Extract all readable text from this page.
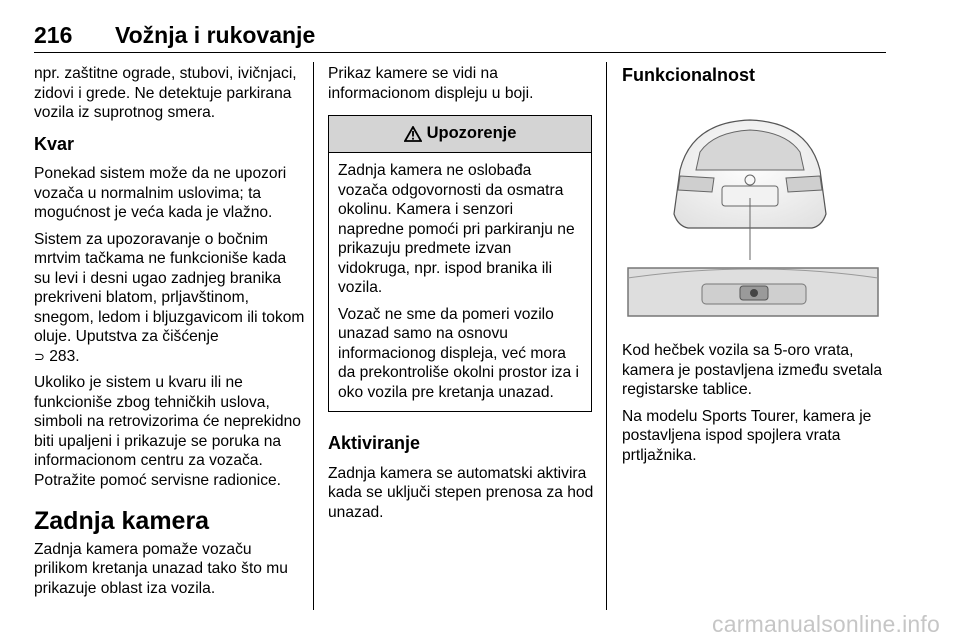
216 Vožnja i rukovanje

npr. zaštitne ograde, stubovi, ivičnjaci, zidovi i grede. Ne detektuje parkirana vozila iz suprotnog smera.

Kvar

Ponekad sistem može da ne upozori vozača u normalnim uslovima; ta mogućnost je veća kada je vlažno.

Sistem za upozoravanje o bočnim mrtvim tačkama ne funkcioniše kada su levi i desni ugao zadnjeg branika prekriveni blatom, prljavštinom, snegom, ledom i bljuzgavicom ili tokom oluje. Uputstva za čišćenje
⊃ 283.

Ukoliko je sistem u kvaru ili ne funkcioniše zbog tehničkih uslova, simboli na retrovizorima će neprekidno biti upaljeni i prikazuje se poruka na informacionom centru za vozača. Potražite pomoć servisne radionice.

Zadnja kamera

Zadnja kamera pomaže vozaču prilikom kretanja unazad tako što mu prikazuje oblast iza vozila.

Prikaz kamere se vidi na informacionom displeju u boji.

Upozorenje

Zadnja kamera ne oslobađa vozača odgovornosti da osmatra okolinu. Kamera i senzori napredne pomoći pri parkiranju ne prikazuju predmete izvan vidokruga, npr. ispod branika ili vozila.

Vozač ne sme da pomeri vozilo unazad samo na osnovu informacionog displeja, već mora da prekontroliše okolni prostor iza i oko vozila pre kretanja unazad.

Aktiviranje

Zadnja kamera se automatski aktivira kada se uključi stepen prenosa za hod unazad.

Funkcionalnost

Kod hečbek vozila sa 5-oro vrata, kamera je postavljena između svetala registarske tablice.

Na modelu Sports Tourer, kamera je postavljena ispod spojlera vrata prtljažnika.

carmanualsonline.info
